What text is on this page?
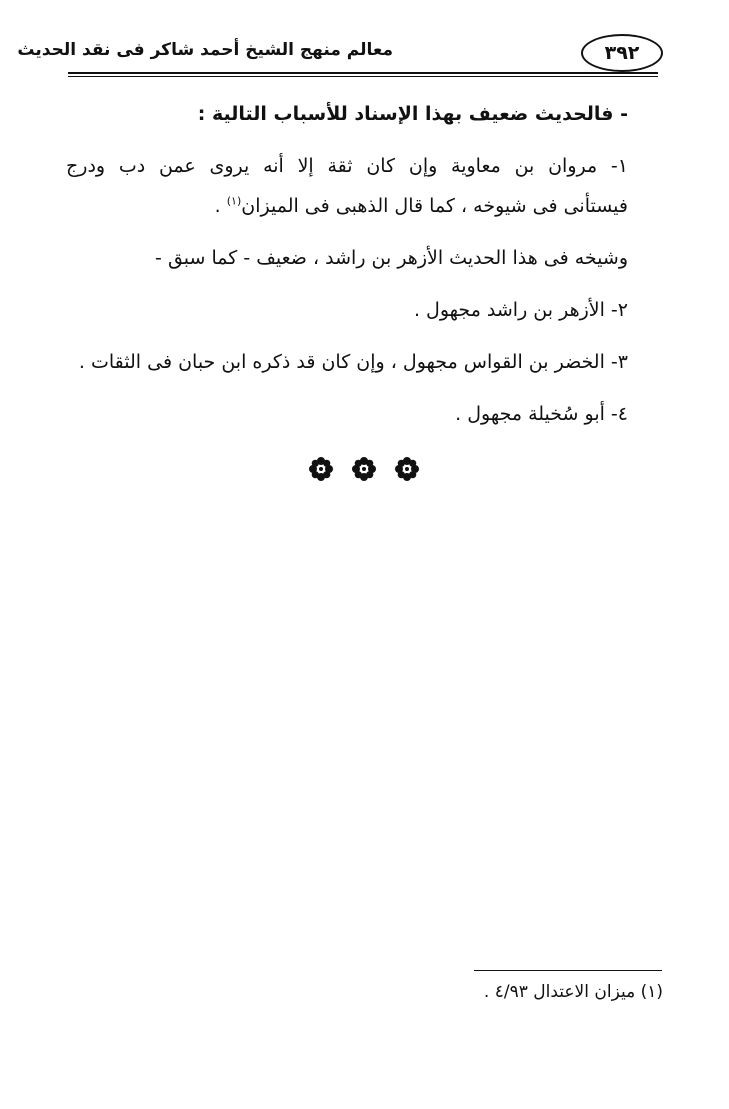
٣٩٢
معالم منهج الشيخ أحمد شاكر فى نقد الحديث

- فالحديث ضعيف بهذا الإسناد للأسباب التالية :

١- مروان بن معاوية وإن كان ثقة إلا أنه يروى عمن دب ودرج

فيستأنى فى شيوخه ، كما قال الذهبى فى الميزان$^{(١)}$ .

وشيخه فى هذا الحديث الأزهر بن راشد ، ضعيف - كما سبق -

٢- الأزهر بن راشد مجهول .

٣- الخضر بن القواس مجهول ، وإن كان قد ذكره ابن حبان فى الثقات .

٤- أبو سُخيلة مجهول .

(١) ميزان الاعتدال ٤/٩٣ .
